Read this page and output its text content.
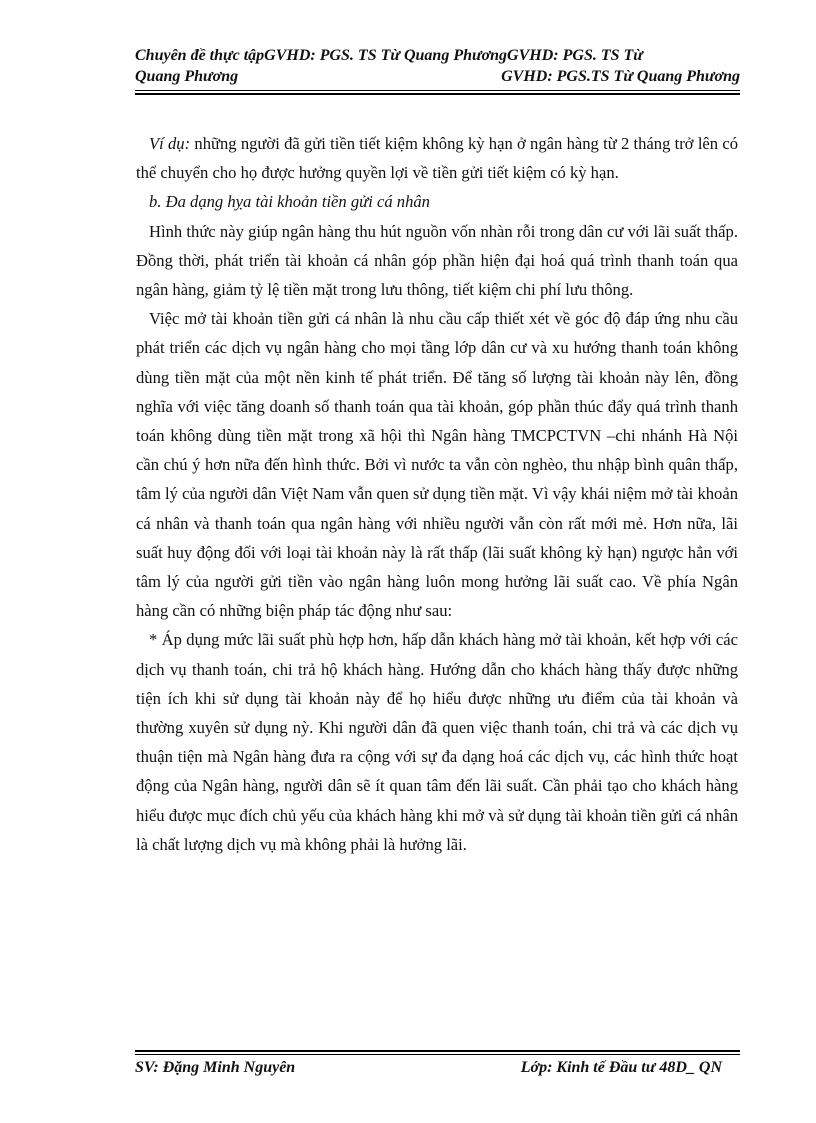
Chuyên đề thực tậpGVHD: PGS. TS Từ Quang PhươngGVHD: PGS. TS Từ
Quang Phương	GVHD: PGS.TS Từ Quang Phương

Ví dụ: những người đã gửi tiền tiết kiệm không kỳ hạn ở ngân hàng từ 2 tháng trở lên có thể chuyển cho họ được hưởng quyền lợi về tiền gửi tiết kiệm có kỳ hạn.

b. Đa dạng hỵa tài khoản tiền gửi cá nhân

Hình thức này giúp ngân hàng thu hút nguồn vốn nhàn rỗi trong dân cư với lãi suất thấp. Đồng thời, phát triển tài khoản cá nhân góp phần hiện đại hoá quá trình thanh toán qua ngân hàng, giảm tỷ lệ tiền mặt trong lưu thông, tiết kiệm chi phí lưu thông.

Việc mở tài khoản tiền gửi cá nhân là nhu cầu cấp thiết xét về góc độ đáp ứng nhu cầu phát triển các dịch vụ ngân hàng cho mọi tầng lớp dân cư và xu hướng thanh toán không dùng tiền mặt của một nền kinh tế phát triển. Để tăng số lượng tài khoản này lên, đồng nghĩa với việc tăng doanh số thanh toán qua tài khoản, góp phần thúc đẩy quá trình thanh toán không dùng tiền mặt trong xã hội thì Ngân hàng TMCPCTVN –chi nhánh Hà Nội cần chú ý hơn nữa đến hình thức. Bởi vì nước ta vẫn còn nghèo, thu nhập bình quân thấp, tâm lý của người dân Việt Nam vẫn quen sử dụng tiền mặt. Vì vậy khái niệm mở tài khoản cá nhân và thanh toán qua ngân hàng với nhiều người vẫn còn rất mới mẻ. Hơn nữa, lãi suất huy động đối với loại tài khoản này là rất thấp (lãi suất không kỳ hạn) ngược hẳn với tâm lý của người gửi tiền vào ngân hàng luôn mong hưởng lãi suất cao. Về phía Ngân hàng cần có những biện pháp tác động như sau:

* Áp dụng mức lãi suất phù hợp hơn, hấp dẫn khách hàng mở tài khoản, kết hợp với các dịch vụ thanh toán, chi trả hộ khách hàng. Hướng dẫn cho khách hàng thấy được những tiện ích khi sử dụng tài khoản này để họ hiểu được những ưu điểm của tài khoản và thường xuyên sử dụng nỳ. Khi người dân đã quen việc thanh toán, chi trả và các dịch vụ thuận tiện mà Ngân hàng đưa ra cộng với sự đa dạng hoá các dịch vụ, các hình thức hoạt động của Ngân hàng, người dân sẽ ít quan tâm đến lãi suất. Cần phải tạo cho khách hàng hiểu được mục đích chủ yếu của khách hàng khi mở và sử dụng tài khoản tiền gửi cá nhân là chất lượng dịch vụ mà không phải là hưởng lãi.

SV: Đặng Minh Nguyên	Lớp: Kinh tế Đầu tư 48D_ QN
